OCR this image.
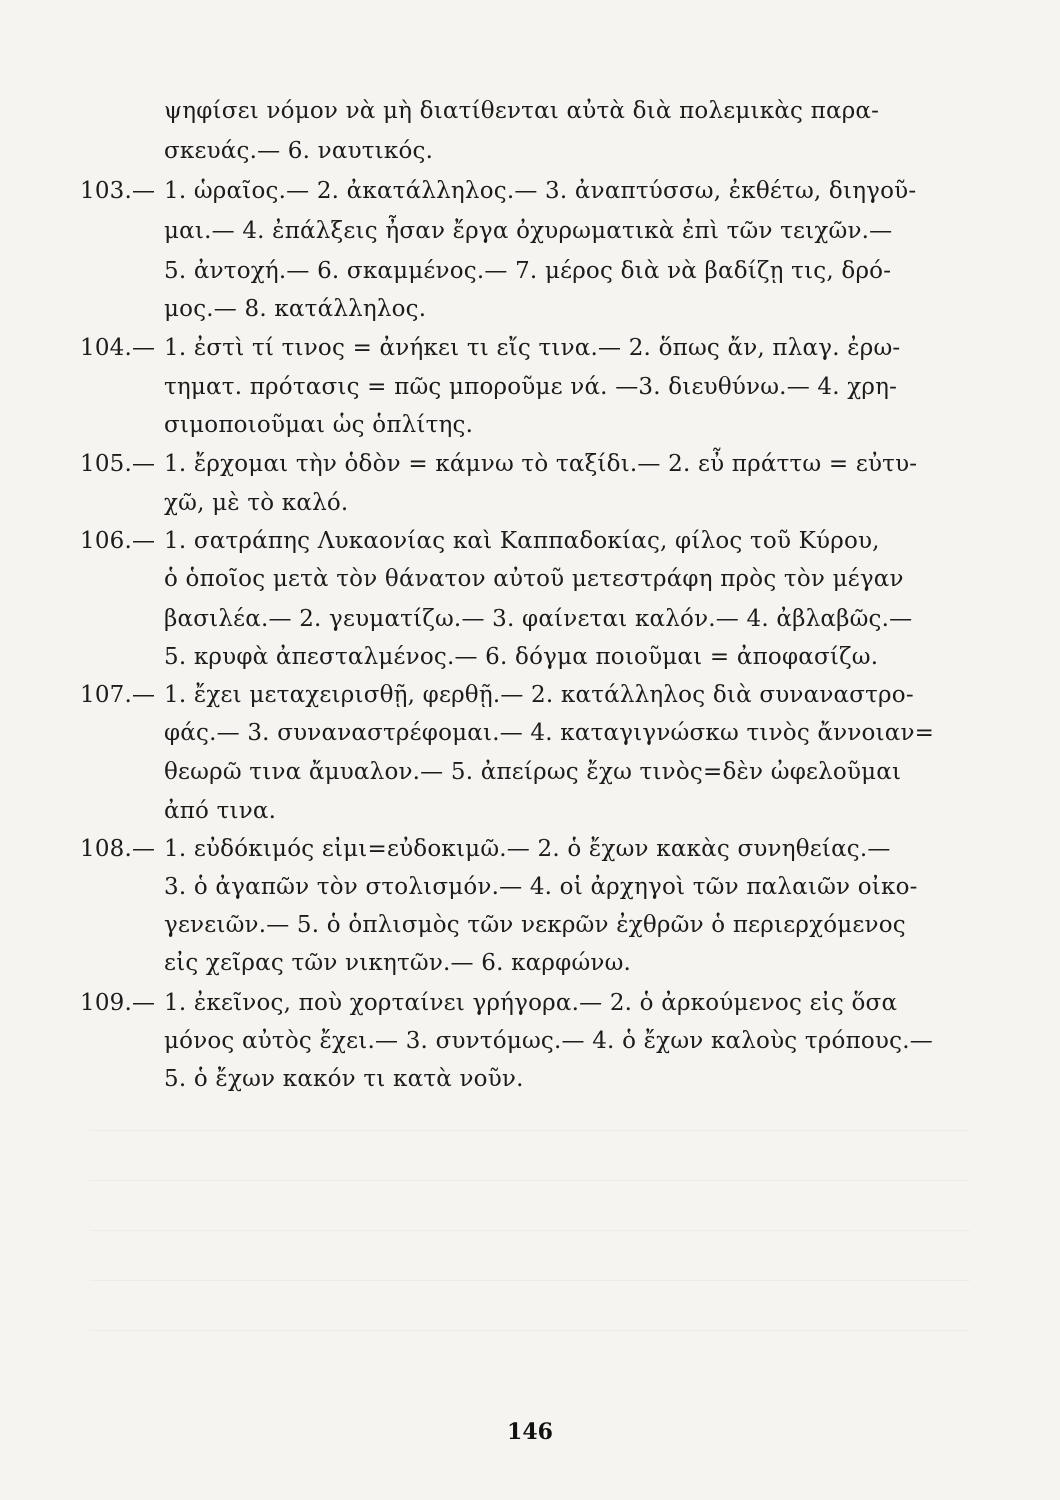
ψηφίσει νόμον νὰ μὴ διατίθενται αὐτὰ διὰ πολεμικὰς παρα-
σκευάς.— 6. ναυτικός.
103.— 1. ὡραῖος.— 2. ἀκατάλληλος.— 3. ἀναπτύσσω, ἐκθέτω, διηγοῦ-
μαι.— 4. ἐπάλξεις ἦσαν ἔργα ὀχυρωματικὰ ἐπὶ τῶν τειχῶν.—
5. ἀντοχή.— 6. σκαμμένος.— 7. μέρος διὰ νὰ βαδίζῃ τις, δρό-
μος.— 8. κατάλληλος.
104.— 1. ἐστὶ τί τινος = ἀνήκει τι εἴς τινα.— 2. ὅπως ἄν, πλαγ. ἐρω-
τηματ. πρότασις = πῶς μποροῦμε νά. —3. διευθύνω.— 4. χρη-
σιμοποιοῦμαι ὡς ὁπλίτης.
105.— 1. ἔρχομαι τὴν ὁδὸν = κάμνω τὸ ταξίδι.— 2. εὖ πράττω = εὐτυ-
χῶ, μὲ τὸ καλό.
106.— 1. σατράπης Λυκαονίας καὶ Καππαδοκίας, φίλος τοῦ Κύρου,
ὁ ὁποῖος μετὰ τὸν θάνατον αὐτοῦ μετεστράφη πρὸς τὸν μέγαν
βασιλέα.— 2. γευματίζω.— 3. φαίνεται καλόν.— 4. ἀβλαβῶς.—
5. κρυφὰ ἀπεσταλμένος.— 6. δόγμα ποιοῦμαι = ἀποφασίζω.
107.— 1. ἔχει μεταχειρισθῇ, φερθῇ.— 2. κατάλληλος διὰ συναναστρο-
φάς.— 3. συναναστρέφομαι.— 4. καταγιγνώσκω τινὸς ἄννοιαν=
θεωρῶ τινα ἄμυαλον.— 5. ἀπείρως ἔχω τινὸς=δὲν ὠφελοῦμαι
ἀπό τινα.
108.— 1. εὐδόκιμός εἰμι=εὐδοκιμῶ.— 2. ὁ ἔχων κακὰς συνηθείας.—
3. ὁ ἀγαπῶν τὸν στολισμόν.— 4. οἱ ἀρχηγοὶ τῶν παλαιῶν οἰκο-
γενειῶν.— 5. ὁ ὁπλισμὸς τῶν νεκρῶν ἐχθρῶν ὁ περιερχόμενος
εἰς χεῖρας τῶν νικητῶν.— 6. καρφώνω.
109.— 1. ἐκεῖνος, ποὺ χορταίνει γρήγορα.— 2. ὁ ἀρκούμενος εἰς ὅσα
μόνος αὐτὸς ἔχει.— 3. συντόμως.— 4. ὁ ἔχων καλοὺς τρόπους.—
5. ὁ ἔχων κακόν τι κατὰ νοῦν.
146
